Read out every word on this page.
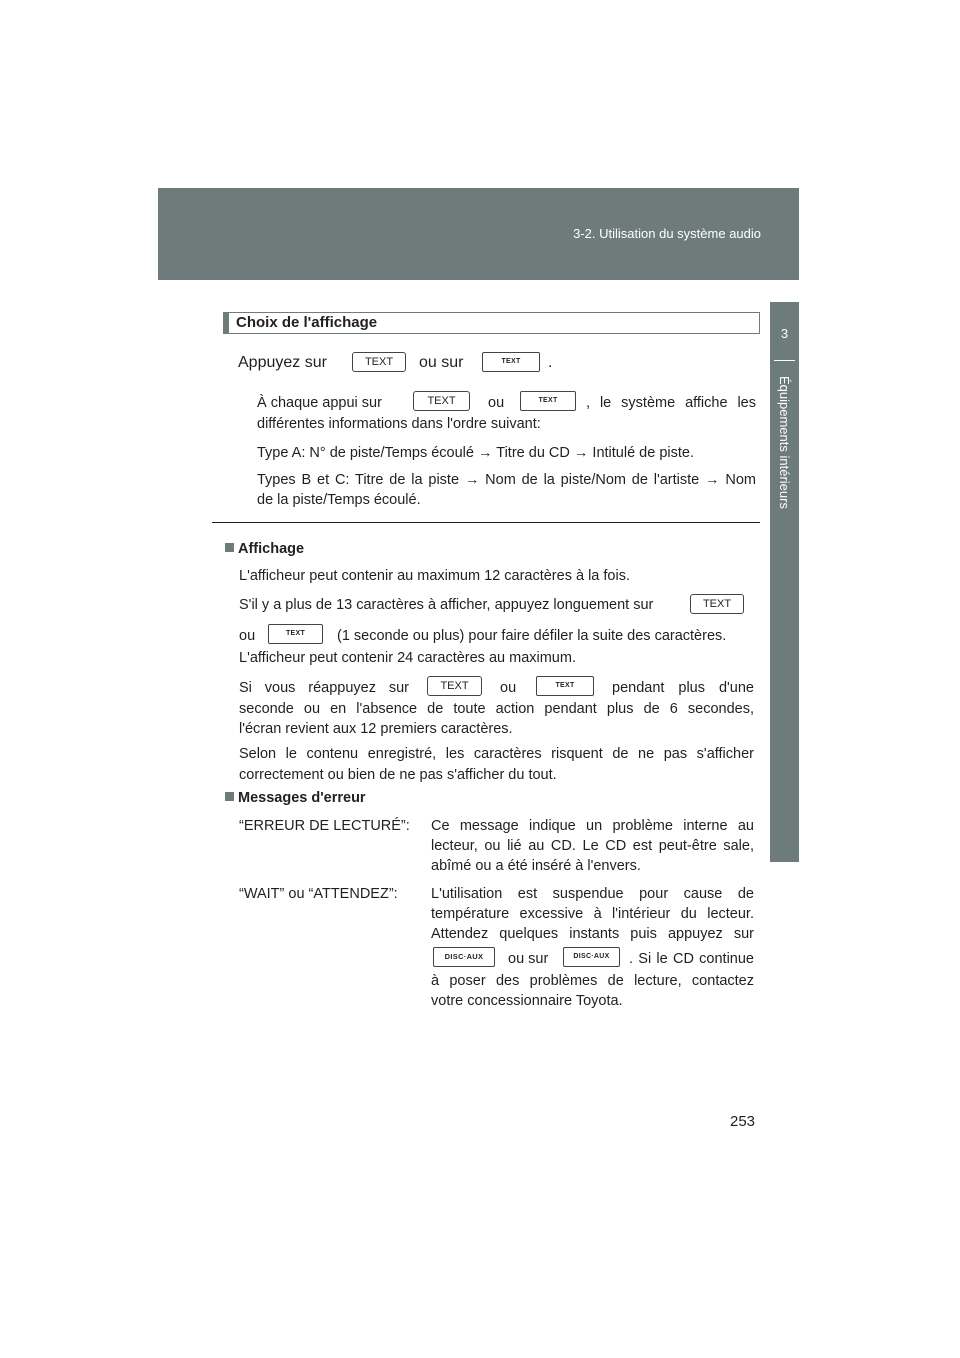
3-2. Utilisation du système audio
3
Équipements intérieurs
Choix de l'affichage
Appuyez sur	TEXT	ou sur	TEXT	.
À chaque appui sur	TEXT	ou	TEXT	, le système affiche les
différentes informations dans l'ordre suivant:
Type A: N° de piste/Temps écoulé → Titre du CD → Intitulé de piste.
Types B et C: Titre de la piste → Nom de la piste/Nom de l'artiste → Nom
de la piste/Temps écoulé.
Affichage
L'afficheur peut contenir au maximum 12 caractères à la fois.
S'il y a plus de 13 caractères à afficher, appuyez longuement sur	TEXT
ou	TEXT	(1 seconde ou plus) pour faire défiler la suite des caractères.
L'afficheur peut contenir 24 caractères au maximum.
Si vous réappuyez sur	TEXT	ou	TEXT	pendant plus d'une
seconde ou en l'absence de toute action pendant plus de 6 secondes,
l'écran revient aux 12 premiers caractères.
Selon le contenu enregistré, les caractères risquent de ne pas s'afficher
correctement ou bien de ne pas s'afficher du tout.
Messages d'erreur
“ERREUR DE LECTURÉ”: Ce message indique un problème interne au
lecteur, ou lié au CD. Le CD est peut-être sale,
abîmé ou a été inséré à l'envers.
“WAIT” ou “ATTENDEZ”: L'utilisation est suspendue pour cause de
température excessive à l'intérieur du lecteur.
Attendez quelques instants puis appuyez sur
DISC·AUX	ou sur	DISC·AUX	. Si le CD continue
à poser des problèmes de lecture, contactez
votre concessionnaire Toyota.
253
